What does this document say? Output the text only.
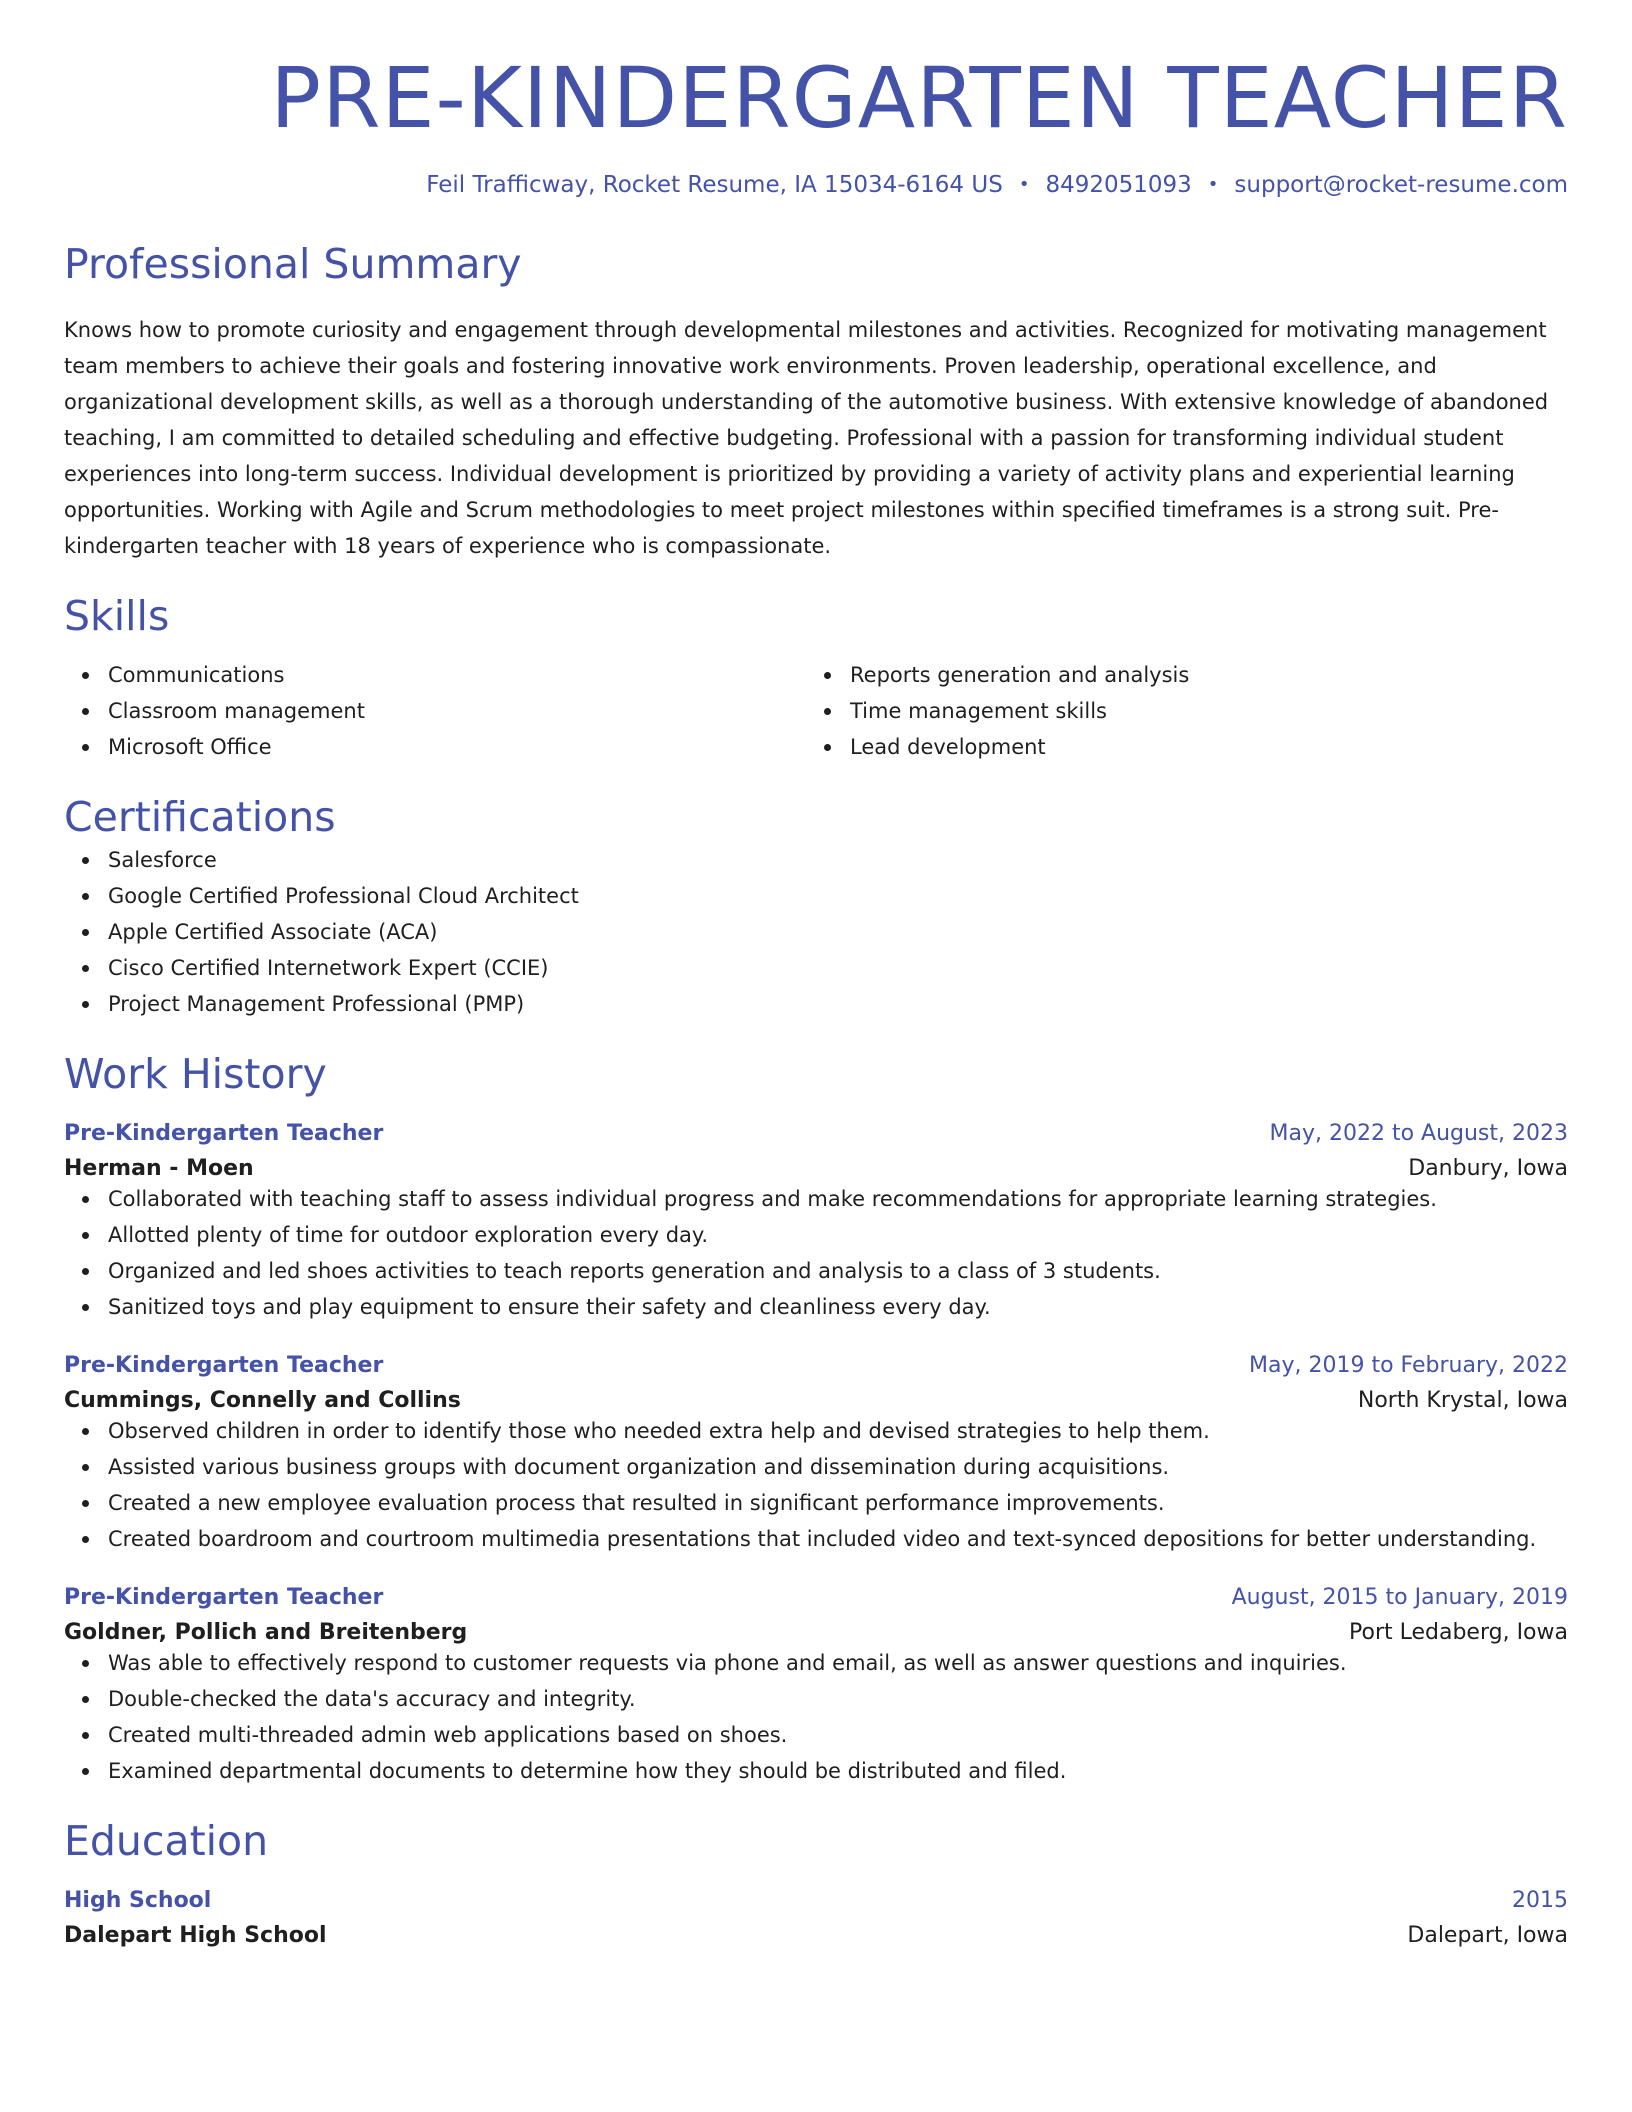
PRE-KINDERGARTEN TEACHER
Feil Trafficway, Rocket Resume, IA 15034-6164 US • 8492051093 • support@rocket-resume.com
Professional Summary
Knows how to promote curiosity and engagement through developmental milestones and activities. Recognized for motivating management team members to achieve their goals and fostering innovative work environments. Proven leadership, operational excellence, and organizational development skills, as well as a thorough understanding of the automotive business. With extensive knowledge of abandoned teaching, I am committed to detailed scheduling and effective budgeting. Professional with a passion for transforming individual student experiences into long-term success. Individual development is prioritized by providing a variety of activity plans and experiential learning opportunities. Working with Agile and Scrum methodologies to meet project milestones within specified timeframes is a strong suit. Pre-kindergarten teacher with 18 years of experience who is compassionate.
Skills
Communications
Classroom management
Microsoft Office
Reports generation and analysis
Time management skills
Lead development
Certifications
Salesforce
Google Certified Professional Cloud Architect
Apple Certified Associate (ACA)
Cisco Certified Internetwork Expert (CCIE)
Project Management Professional (PMP)
Work History
Pre-Kindergarten Teacher	May, 2022 to August, 2023
Herman - Moen	Danbury, Iowa
Collaborated with teaching staff to assess individual progress and make recommendations for appropriate learning strategies.
Allotted plenty of time for outdoor exploration every day.
Organized and led shoes activities to teach reports generation and analysis to a class of 3 students.
Sanitized toys and play equipment to ensure their safety and cleanliness every day.
Pre-Kindergarten Teacher	May, 2019 to February, 2022
Cummings, Connelly and Collins	North Krystal, Iowa
Observed children in order to identify those who needed extra help and devised strategies to help them.
Assisted various business groups with document organization and dissemination during acquisitions.
Created a new employee evaluation process that resulted in significant performance improvements.
Created boardroom and courtroom multimedia presentations that included video and text-synced depositions for better understanding.
Pre-Kindergarten Teacher	August, 2015 to January, 2019
Goldner, Pollich and Breitenberg	Port Ledaberg, Iowa
Was able to effectively respond to customer requests via phone and email, as well as answer questions and inquiries.
Double-checked the data's accuracy and integrity.
Created multi-threaded admin web applications based on shoes.
Examined departmental documents to determine how they should be distributed and filed.
Education
High School	2015
Dalepart High School	Dalepart, Iowa
